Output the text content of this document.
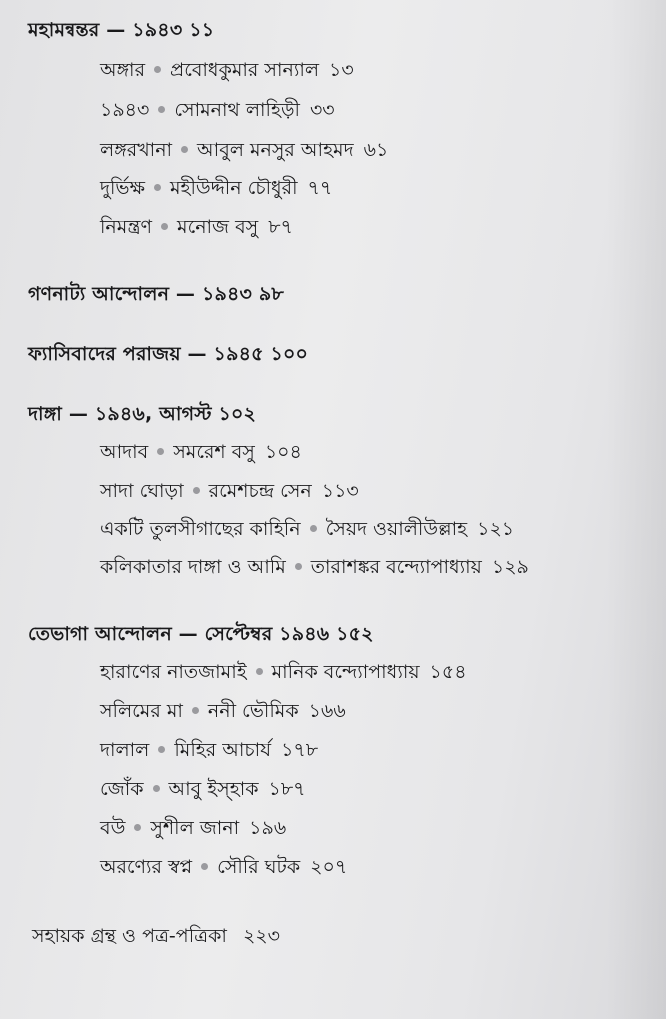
মহামন্বন্তর — ১৯৪৩ ১১
অঙ্গার প্রবোধকুমার সান্যাল ১৩
১৯৪৩ সোমনাথ লাহিড়ী ৩৩
লঙ্গরখানা আবুল মনসুর আহমদ ৬১
দুর্ভিক্ষ মহীউদ্দীন চৌধুরী ৭৭
নিমন্ত্রণ মনোজ বসু ৮৭
গণনাট্য আন্দোলন — ১৯৪৩ ৯৮
ফ্যাসিবাদের পরাজয় — ১৯৪৫ ১০০
দাঙ্গা — ১৯৪৬, আগস্ট ১০২
আদাব সমরেশ বসু ১০৪
সাদা ঘোড়া রমেশচন্দ্র সেন ১১৩
একটি তুলসীগাছের কাহিনি সৈয়দ ওয়ালীউল্লাহ ১২১
কলিকাতার দাঙ্গা ও আমি তারাশঙ্কর বন্দ্যোপাধ্যায় ১২৯
তেভাগা আন্দোলন — সেপ্টেম্বর ১৯৪৬ ১৫২
হারাণের নাতজামাই মানিক বন্দ্যোপাধ্যায় ১৫৪
সলিমের মা ননী ভৌমিক ১৬৬
দালাল মিহির আচার্য ১৭৮
জোঁক আবু ইস্হাক ১৮৭
বউ সুশীল জানা ১৯৬
অরণ্যের স্বপ্ন সৌরি ঘটক ২০৭
সহায়ক গ্রন্থ ও পত্র-পত্রিকা ২২৩
